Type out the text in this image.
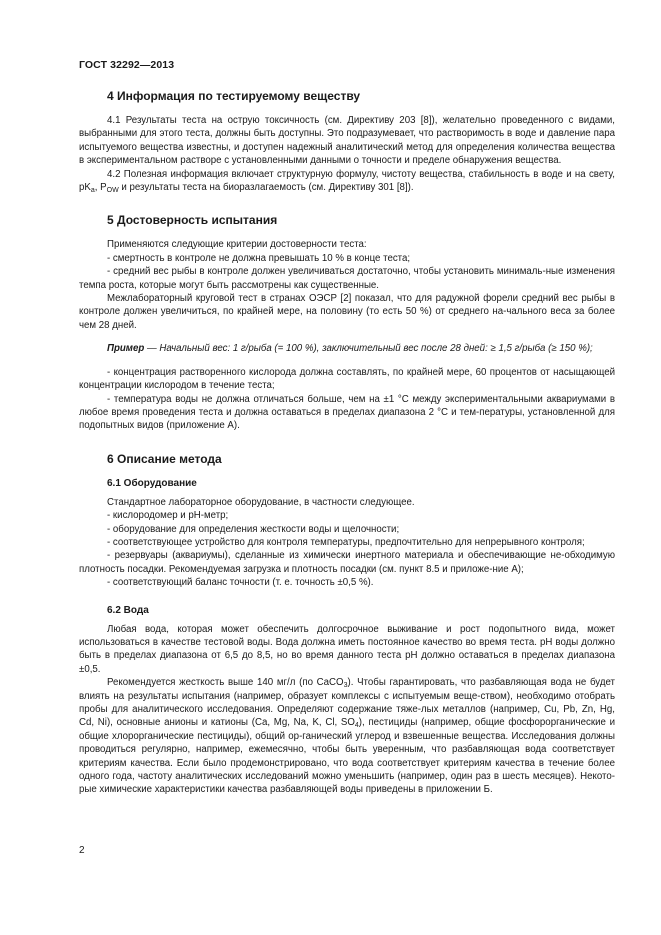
ГОСТ 32292—2013
4 Информация по тестируемому веществу

4.1 Результаты теста на острую токсичность (см. Директиву 203 [8]), желательно проведенного с видами, выбранными для этого теста, должны быть доступны. Это подразумевает, что растворимость в воде и давление пара испытуемого вещества известны, и доступен надежный аналитический метод для определения количества вещества в экспериментальном растворе с установленными данными о точности и пределе обнаружения вещества.

4.2 Полезная информация включает структурную формулу, чистоту вещества, стабильность в воде и на свету, $pK_a$, $P_{OW}$ и результаты теста на биоразлагаемость (см. Директиву 301 [8]).

5 Достоверность испытания

Применяются следующие критерии достоверности теста:

- смертность в контроле не должна превышать 10 % в конце теста;

- средний вес рыбы в контроле должен увеличиваться достаточно, чтобы установить минималь-ные изменения темпа роста, которые могут быть рассмотрены как существенные.

Межлабораторный круговой тест в странах ОЭСР [2] показал, что для радужной форели средний вес рыбы в контроле должен увеличиться, по крайней мере, на половину (то есть 50 %) от среднего на-чального веса за более чем 28 дней.

Пример — Начальный вес: 1 г/рыба (= 100 %), заключительный вес после 28 дней: ≥ 1,5 г/рыба (≥ 150 %);

- концентрация растворенного кислорода должна составлять, по крайней мере, 60 процентов от насыщающей концентрации кислородом в течение теста;

- температура воды не должна отличаться больше, чем на ±1 °C между экспериментальными аквариумами в любое время проведения теста и должна оставаться в пределах диапазона 2 °C и тем-пературы, установленной для подопытных видов (приложение А).

6 Описание метода
6.1 Оборудование

Стандартное лабораторное оборудование, в частности следующее.

- кислородомер и pH-метр;

- оборудование для определения жесткости воды и щелочности;

- соответствующее устройство для контроля температуры, предпочтительно для непрерывного контроля;

- резервуары (аквариумы), сделанные из химически инертного материала и обеспечивающие не-обходимую плотность посадки. Рекомендуемая загрузка и плотность посадки (см. пункт 8.5 и приложе-ние А);

- соответствующий баланс точности (т. е. точность ±0,5 %).

6.2 Вода

Любая вода, которая может обеспечить долгосрочное выживание и рост подопытного вида, может использоваться в качестве тестовой воды. Вода должна иметь постоянное качество во время теста. pH воды должно быть в пределах диапазона от 6,5 до 8,5, но во время данного теста pH должно оставаться в пределах диапазона ±0,5.

Рекомендуется жесткость выше 140 мг/л (по CaCO$_3$). Чтобы гарантировать, что разбавляющая вода не будет влиять на результаты испытания (например, образует комплексы с испытуемым веще-ством), необходимо отобрать пробы для аналитического исследования. Определяют содержание тяже-лых металлов (например, Cu, Pb, Zn, Hg, Cd, Ni), основные анионы и катионы (Ca, Mg, Na, K, Cl, $SO_4$), пестициды (например, общие фосфорорганические и общие хлорорганические пестициды), общий ор-ганический углерод и взвешенные вещества. Исследования должны проводиться регулярно, например, ежемесячно, чтобы быть уверенным, что разбавляющая вода соответствует критериям качества. Если было продемонстрировано, что вода соответствует критериям качества в течение более одного года, частоту аналитических исследований можно уменьшить (например, один раз в шесть месяцев). Некото-рые химические характеристики качества разбавляющей воды приведены в приложении Б.

2
